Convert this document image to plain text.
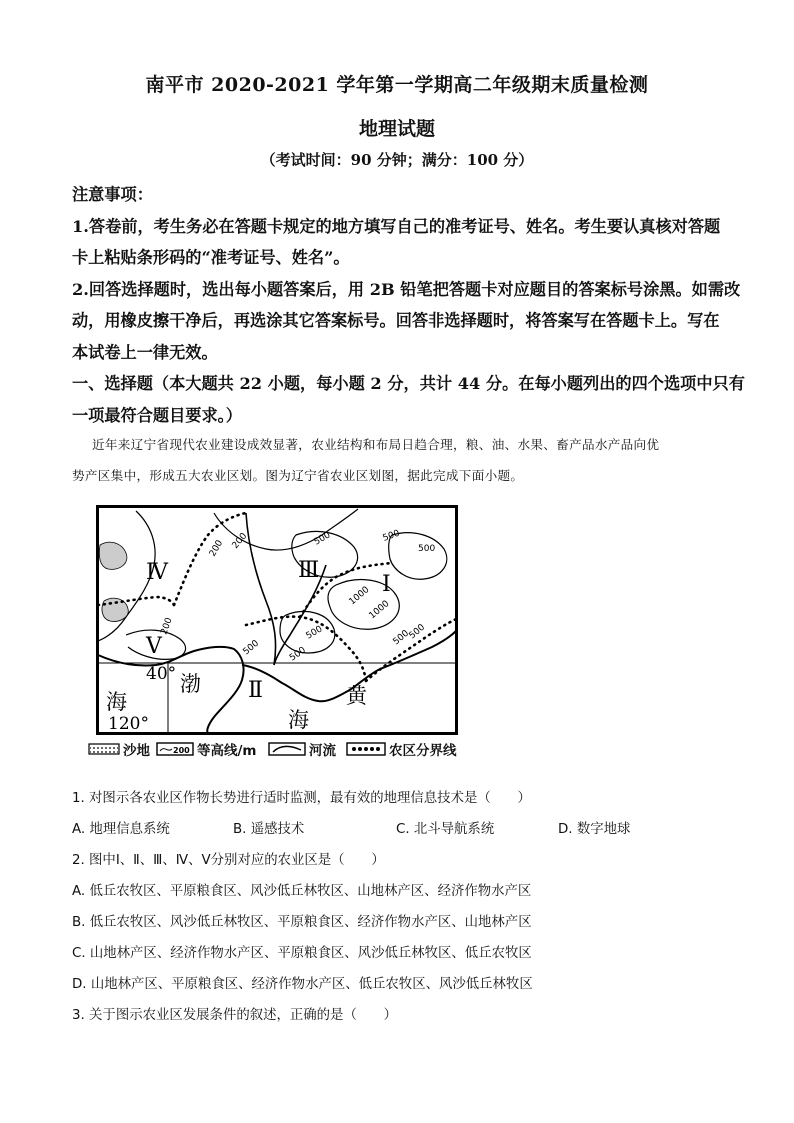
南平市 2020-2021 学年第一学期高二年级期末质量检测
地理试题
（考试时间：90 分钟；满分：100 分）
注意事项：
1.答卷前，考生务必在答题卡规定的地方填写自己的准考证号、姓名。考生要认真核对答题
卡上粘贴条形码的“准考证号、姓名”。
2.回答选择题时，选出每小题答案后，用 2B 铅笔把答题卡对应题目的答案标号涂黑。如需改
动，用橡皮擦干净后，再选涂其它答案标号。回答非选择题时，将答案写在答题卡上。写在
本试卷上一律无效。
一、选择题（本大题共 22 小题，每小题 2 分，共计 44 分。在每小题列出的四个选项中只有
一项最符合题目要求。）
近年来辽宁省现代农业建设成效显著，农业结构和布局日趋合理，粮、油、水果、畜产品水产品向优
势产区集中，形成五大农业区划。图为辽宁省农业区划图，据此完成下面小题。
Ⅳ	Ⅲ
Ⅰ
Ⅴ
Ⅱ
200 200	500	500
500
1000
1000
500
500
200
500
500
500
40°
120°
渤
海	黄
海
沙地	200 等高线/m	河流	农区分界线
1. 对图示各农业区作物长势进行适时监测，最有效的地理信息技术是（　　）
A. 地理信息系统	B. 遥感技术	C. 北斗导航系统	D. 数字地球
2. 图中Ⅰ、Ⅱ、Ⅲ、Ⅳ、Ⅴ分别对应的农业区是（　　）
A. 低丘农牧区、平原粮食区、风沙低丘林牧区、山地林产区、经济作物水产区
B. 低丘农牧区、风沙低丘林牧区、平原粮食区、经济作物水产区、山地林产区
C. 山地林产区、经济作物水产区、平原粮食区、风沙低丘林牧区、低丘农牧区
D. 山地林产区、平原粮食区、经济作物水产区、低丘农牧区、风沙低丘林牧区
3. 关于图示农业区发展条件的叙述，正确的是（　　）
